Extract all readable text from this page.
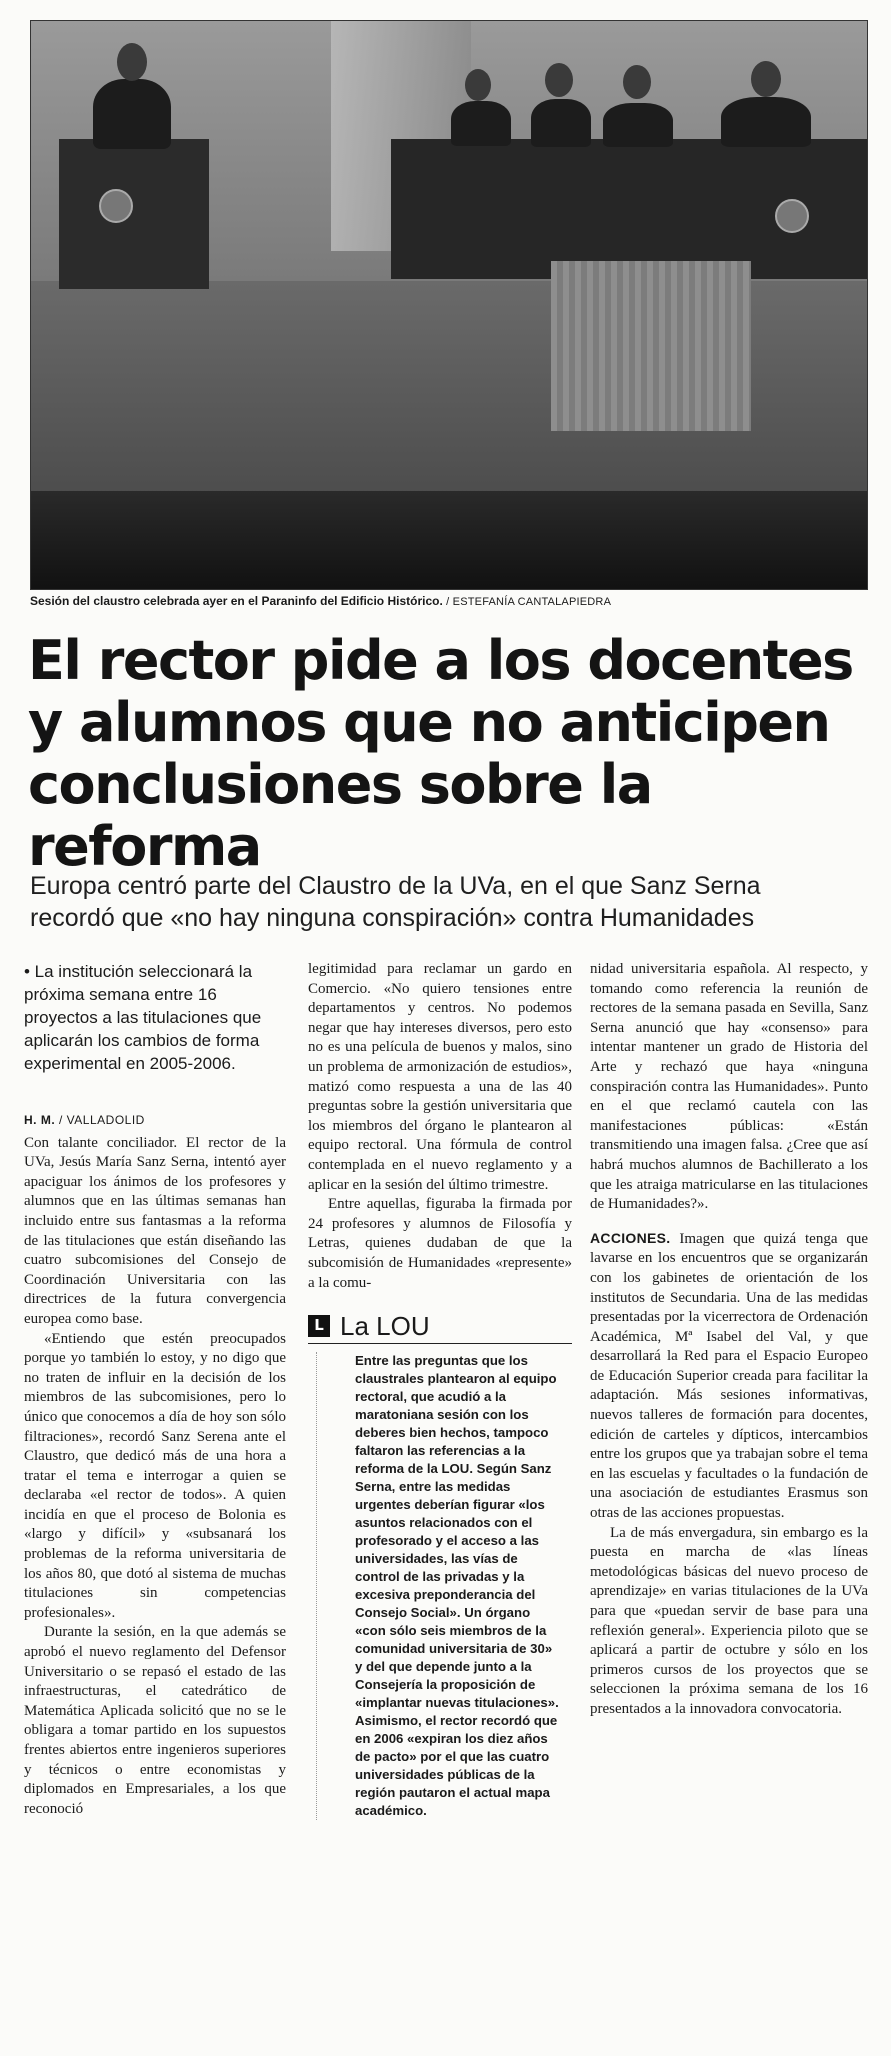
Sesión del claustro celebrada ayer en el Paraninfo del Edificio Histórico. / ESTEFANÍA CANTALAPIEDRA
El rector pide a los docentes
y alumnos que no anticipen
conclusiones sobre la reforma
Europa centró parte del Claustro de la UVa, en el que Sanz Serna
recordó que «no hay ninguna conspiración» contra Humanidades
• La institución seleccionará la próxima semana entre 16 proyectos a las titulaciones que aplicarán los cambios de forma experimental en 2005-2006.
H. M. / VALLADOLID

Con talante conciliador. El rector de la UVa, Jesús María Sanz Serna, intentó ayer apaciguar los ánimos de los profesores y alumnos que en las últimas semanas han incluido entre sus fantasmas a la reforma de las titulaciones que están diseñando las cuatro subcomisiones del Consejo de Coordinación Universitaria con las directrices de la futura convergencia europea como base.

«Entiendo que estén preocupados porque yo también lo estoy, y no digo que no traten de influir en la decisión de los miembros de las subcomisiones, pero lo único que conocemos a día de hoy son sólo filtraciones», recordó Sanz Serena ante el Claustro, que dedicó más de una hora a tratar el tema e interrogar a quien se declaraba «el rector de todos». A quien incidía en que el proceso de Bolonia es «largo y difícil» y «subsanará los problemas de la reforma universitaria de los años 80, que dotó al sistema de muchas titulaciones sin competencias profesionales».

Durante la sesión, en la que además se aprobó el nuevo reglamento del Defensor Universitario o se repasó el estado de las infraestructuras, el catedrático de Matemática Aplicada solicitó que no se le obligara a tomar partido en los supuestos frentes abiertos entre ingenieros superiores y técnicos o entre economistas y diplomados en Empresariales, a los que reconoció

legitimidad para reclamar un gardo en Comercio. «No quiero tensiones entre departamentos y centros. No podemos negar que hay intereses diversos, pero esto no es una película de buenos y malos, sino un problema de armonización de estudios», matizó como respuesta a una de las 40 preguntas sobre la gestión universitaria que los miembros del órgano le plantearon al equipo rectoral. Una fórmula de control contemplada en el nuevo reglamento y a aplicar en la sesión del último trimestre.

Entre aquellas, figuraba la firmada por 24 profesores y alumnos de Filosofía y Letras, quienes dudaban de que la subcomisión de Humanidades «represente» a la comu-

L La LOU

Entre las preguntas que los claustrales plantearon al equipo rectoral, que acudió a la maratoniana sesión con los deberes bien hechos, tampoco faltaron las referencias a la reforma de la LOU. Según Sanz Serna, entre las medidas urgentes deberían figurar «los asuntos relacionados con el profesorado y el acceso a las universidades, las vías de control de las privadas y la excesiva preponderancia del Consejo Social». Un órgano «con sólo seis miembros de la comunidad universitaria de 30» y del que depende junto a la Consejería la proposición de «implantar nuevas titulaciones». Asimismo, el rector recordó que en 2006 «expiran los diez años de pacto» por el que las cuatro universidades públicas de la región pautaron el actual mapa académico.

nidad universitaria española. Al respecto, y tomando como referencia la reunión de rectores de la semana pasada en Sevilla, Sanz Serna anunció que hay «consenso» para intentar mantener un grado de Historia del Arte y rechazó que haya «ninguna conspiración contra las Humanidades». Punto en el que reclamó cautela con las manifestaciones públicas: «Están transmitiendo una imagen falsa. ¿Cree que así habrá muchos alumnos de Bachillerato a los que les atraiga matricularse en las titulaciones de Humanidades?».

ACCIONES. Imagen que quizá tenga que lavarse en los encuentros que se organizarán con los gabinetes de orientación de los institutos de Secundaria. Una de las medidas presentadas por la vicerrectora de Ordenación Académica, Mª Isabel del Val, y que desarrollará la Red para el Espacio Europeo de Educación Superior creada para facilitar la adaptación. Más sesiones informativas, nuevos talleres de formación para docentes, edición de carteles y dípticos, intercambios entre los grupos que ya trabajan sobre el tema en las escuelas y facultades o la fundación de una asociación de estudiantes Erasmus son otras de las acciones propuestas.

La de más envergadura, sin embargo es la puesta en marcha de «las líneas metodológicas básicas del nuevo proceso de aprendizaje» en varias titulaciones de la UVa para que «puedan servir de base para una reflexión general». Experiencia piloto que se aplicará a partir de octubre y sólo en los primeros cursos de los proyectos que se seleccionen la próxima semana de los 16 presentados a la innovadora convocatoria.
